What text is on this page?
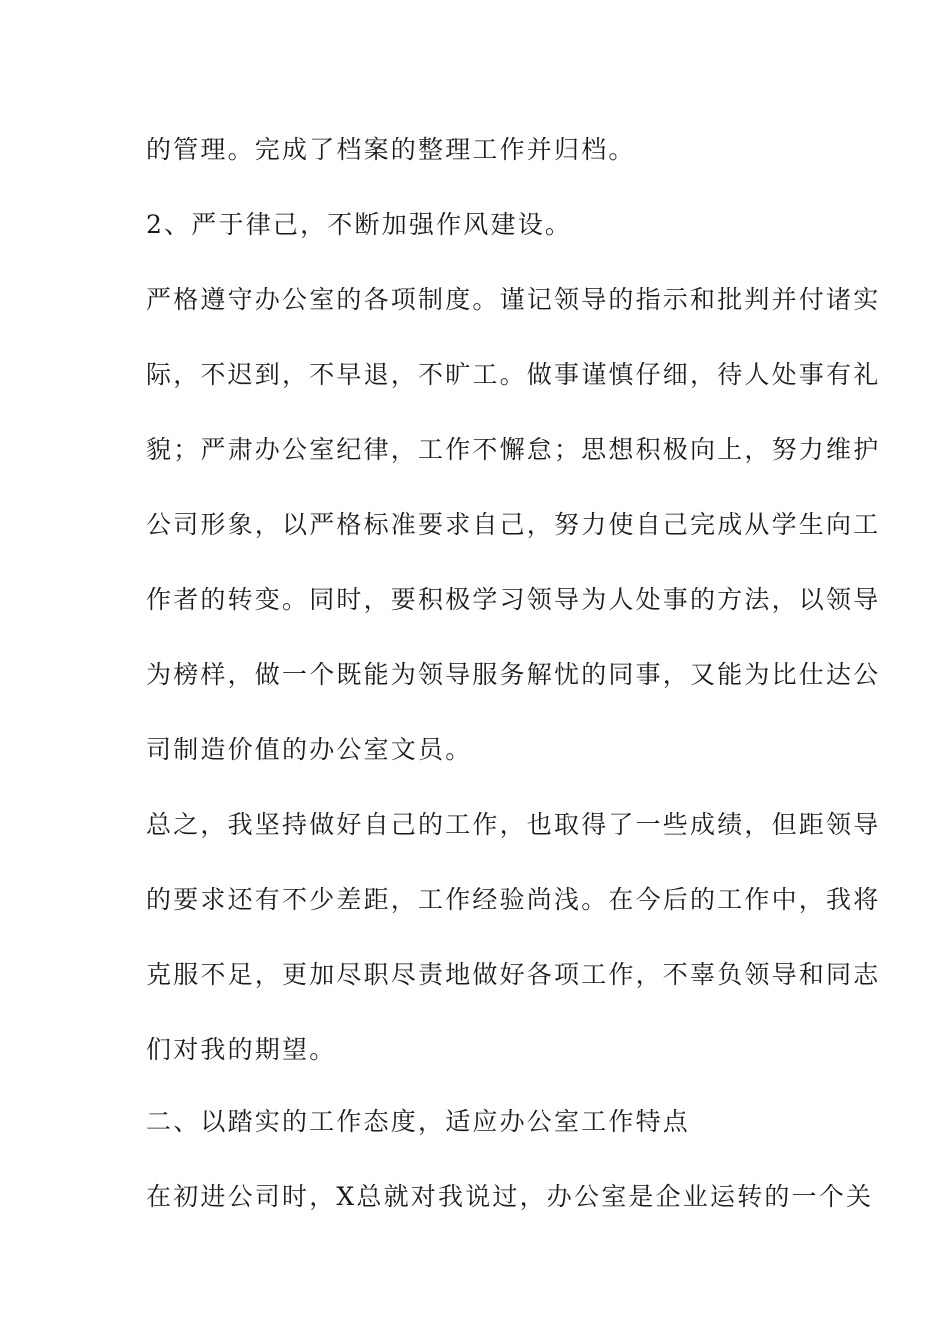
的管理。完成了档案的整理工作并归档。
2、严于律己，不断加强作风建设。
严格遵守办公室的各项制度。谨记领导的指示和批判并付诸实
际，不迟到，不早退，不旷工。做事谨慎仔细，待人处事有礼
貌；严肃办公室纪律，工作不懈怠；思想积极向上，努力维护
公司形象，以严格标准要求自己，努力使自己完成从学生向工
作者的转变。同时，要积极学习领导为人处事的方法，以领导
为榜样，做一个既能为领导服务解忧的同事，又能为比仕达公
司制造价值的办公室文员。
总之，我坚持做好自己的工作，也取得了一些成绩，但距领导
的要求还有不少差距，工作经验尚浅。在今后的工作中，我将
克服不足，更加尽职尽责地做好各项工作，不辜负领导和同志
们对我的期望。
二、以踏实的工作态度，适应办公室工作特点
在初进公司时，X总就对我说过，办公室是企业运转的一个关
